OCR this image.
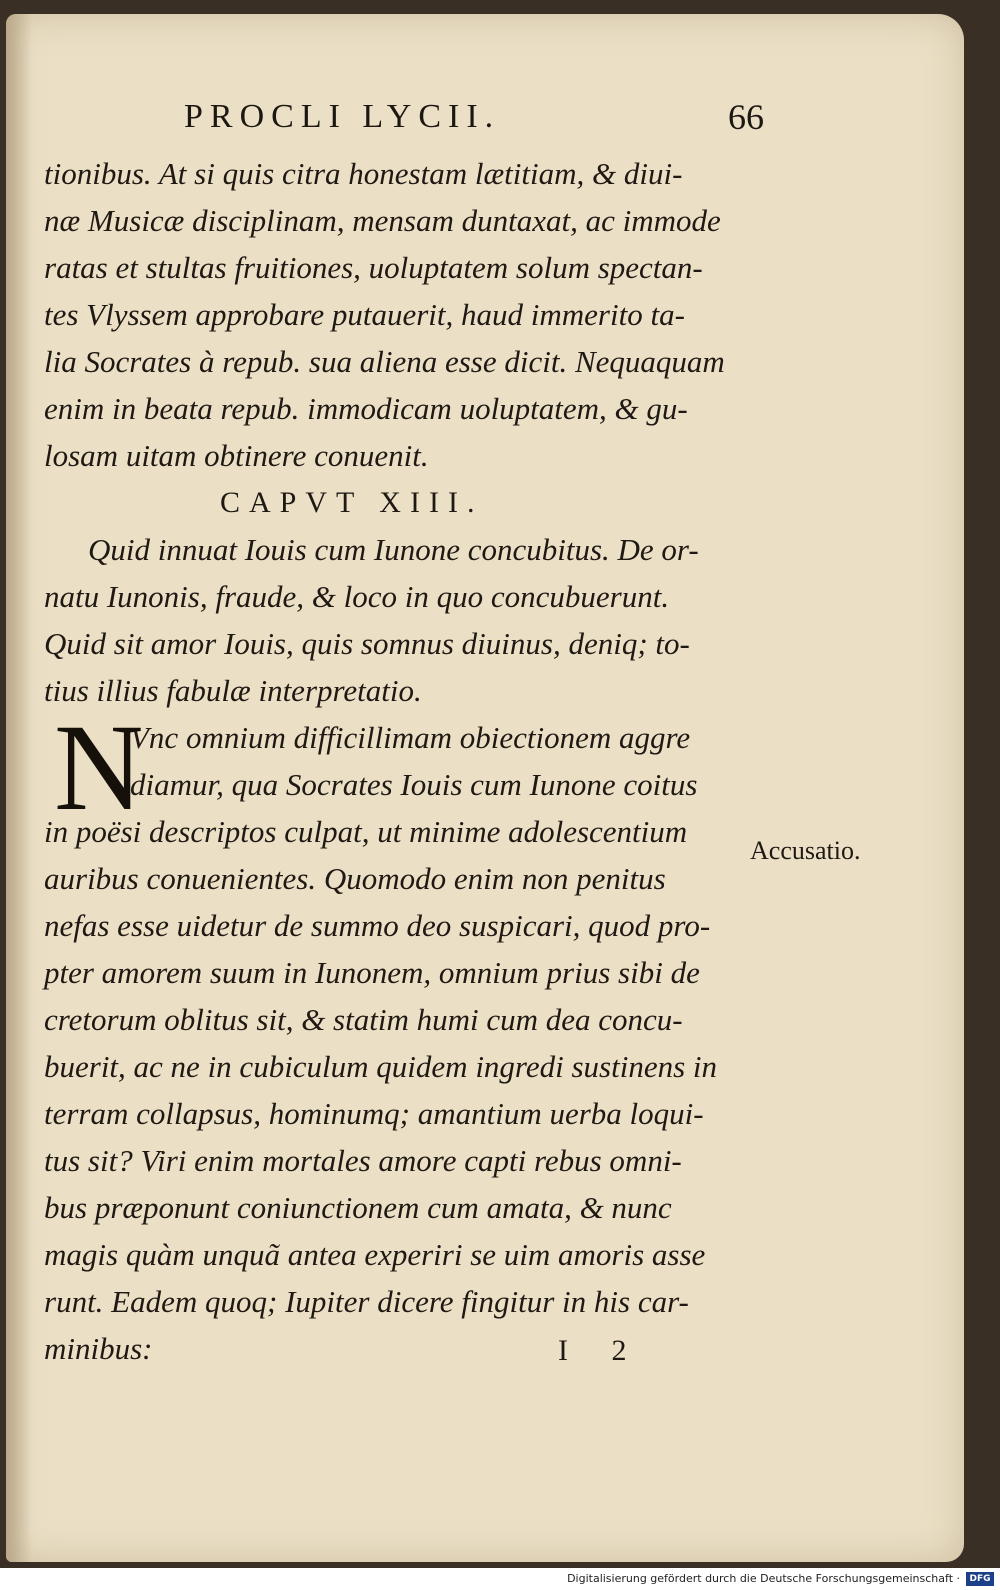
PROCLI LYCII.	66
tionibus. At si quis citra honestam lætitiam, & diui-
næ Musicæ disciplinam, mensam duntaxat, ac immode
ratas et stultas fruitiones, uoluptatem solum spectan-
tes Vlyssem approbare putauerit, haud immerito ta-
lia Socrates à repub. sua aliena esse dicit. Nequaquam
enim in beata repub. immodicam uoluptatem, & gu-
losam uitam obtinere conuenit.
CAPVT XIII.
Quid innuat Iouis cum Iunone concubitus. De or-
natu Iunonis, fraude, & loco in quo concubuerunt.
Quid sit amor Iouis, quis somnus diuinus, deniq; to-
tius illius fabulæ interpretatio.
N
Vnc omnium difficillimam obiectionem aggre
diamur, qua Socrates Iouis cum Iunone coitus
in poësi descriptos culpat, ut minime adolescentium
auribus conuenientes. Quomodo enim non penitus
nefas esse uidetur de summo deo suspicari, quod pro-
pter amorem suum in Iunonem, omnium prius sibi de
cretorum oblitus sit, & statim humi cum dea concu-
buerit, ac ne in cubiculum quidem ingredi sustinens in
terram collapsus, hominumq; amantium uerba loqui-
tus sit? Viri enim mortales amore capti rebus omni-
bus præponunt coniunctionem cum amata, & nunc
magis quàm unquã antea experiri se uim amoris asse
runt. Eadem quoq; Iupiter dicere fingitur in his car-
minibus:
Accusatio.
I 2
Digitalisierung gefördert durch die Deutsche Forschungsgemeinschaft ·	DFG
